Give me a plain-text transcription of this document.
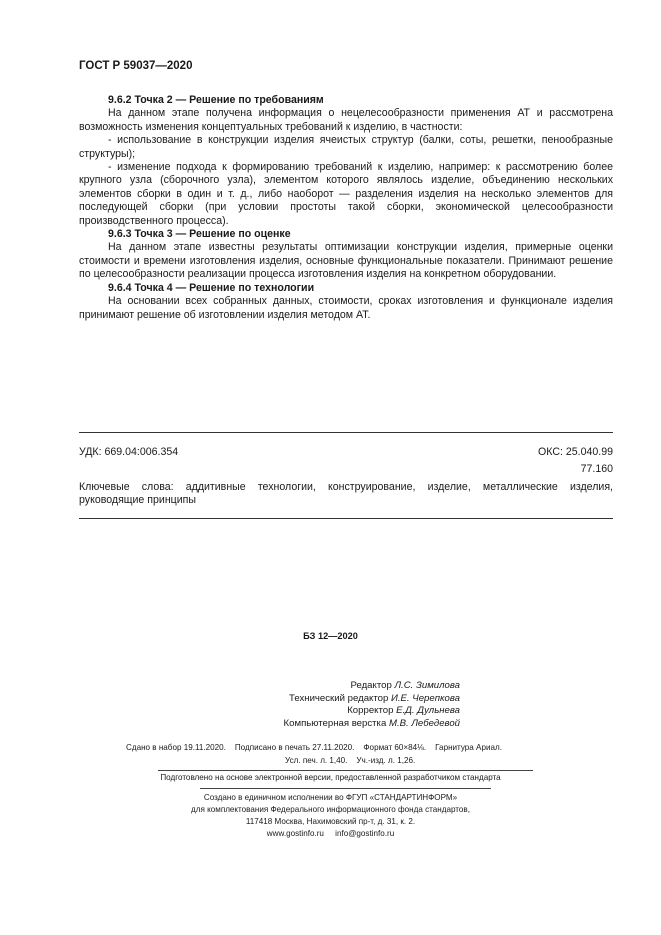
ГОСТ Р 59037—2020

9.6.2 Точка 2 — Решение по требованиям

На данном этапе получена информация о нецелесообразности применения АТ и рассмотрена возможность изменения концептуальных требований к изделию, в частности:

- использование в конструкции изделия ячеистых структур (балки, соты, решетки, пенообразные структуры);

- изменение подхода к формированию требований к изделию, например: к рассмотрению более крупного узла (сборочного узла), элементом которого являлось изделие, объединению нескольких элементов сборки в один и т. д., либо наоборот — разделения изделия на несколько элементов для последующей сборки (при условии простоты такой сборки, экономической целесообразности производственного процесса).

9.6.3 Точка 3 — Решение по оценке

На данном этапе известны результаты оптимизации конструкции изделия, примерные оценки стоимости и времени изготовления изделия, основные функциональные показатели. Принимают решение по целесообразности реализации процесса изготовления изделия на конкретном оборудовании.

9.6.4 Точка 4 — Решение по технологии

На основании всех собранных данных, стоимости, сроках изготовления и функционале изделия принимают решение об изготовлении изделия методом АТ.

УДК: 669.04:006.354	ОКС: 25.040.99
77.160
Ключевые слова: аддитивные технологии, конструирование, изделие, металлические изделия, руководящие принципы
БЗ 12—2020
Редактор Л.С. Зимилова
Технический редактор И.Е. Черепкова
Корректор Е.Д. Дульнева
Компьютерная верстка М.В. Лебедевой
Сдано в набор 19.11.2020.    Подписано в печать 27.11.2020.    Формат 60×84⅛.    Гарнитура Ариал.
Усл. печ. л. 1,40.    Уч.-изд. л. 1,26.
Подготовлено на основе электронной версии, предоставленной разработчиком стандарта
Создано в единичном исполнении во ФГУП «СТАНДАРТИНФОРМ»
для комплектования Федерального информационного фонда стандартов,
117418 Москва, Нахимовский пр-т, д. 31, к. 2.
www.gostinfo.ru     info@gostinfo.ru
